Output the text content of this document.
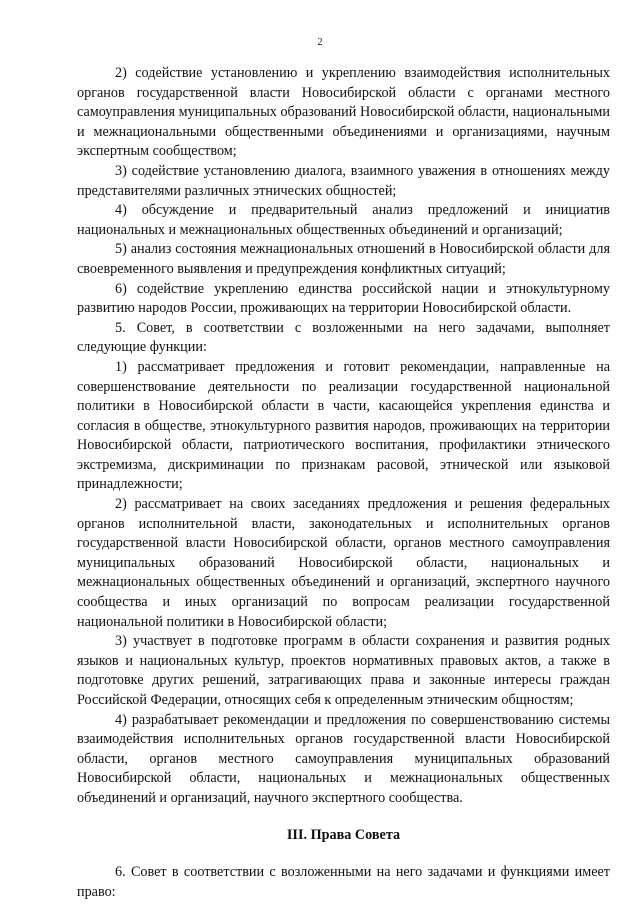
2

2) содействие установлению и укреплению взаимодействия исполнительных органов государственной власти Новосибирской области с органами местного самоуправления муниципальных образований Новосибирской области, национальными и межнациональными общественными объединениями и организациями, научным экспертным сообществом;

3) содействие установлению диалога, взаимного уважения в отношениях между представителями различных этнических общностей;

4) обсуждение и предварительный анализ предложений и инициатив национальных и межнациональных общественных объединений и организаций;

5) анализ состояния межнациональных отношений в Новосибирской области для своевременного выявления и предупреждения конфликтных ситуаций;

6) содействие укреплению единства российской нации и этнокультурному развитию народов России, проживающих на территории Новосибирской области.

5. Совет, в соответствии с возложенными на него задачами, выполняет следующие функции:

1) рассматривает предложения и готовит рекомендации, направленные на совершенствование деятельности по реализации государственной национальной политики в Новосибирской области в части, касающейся укрепления единства и согласия в обществе, этнокультурного развития народов, проживающих на территории Новосибирской области, патриотического воспитания, профилактики этнического экстремизма, дискриминации по признакам расовой, этнической или языковой принадлежности;

2) рассматривает на своих заседаниях предложения и решения федеральных органов исполнительной власти, законодательных и исполнительных органов государственной власти Новосибирской области, органов местного самоуправления муниципальных образований Новосибирской области, национальных и межнациональных общественных объединений и организаций, экспертного научного сообщества и иных организаций по вопросам реализации государственной национальной политики в Новосибирской области;

3) участвует в подготовке программ в области сохранения и развития родных языков и национальных культур, проектов нормативных правовых актов, а также в подготовке других решений, затрагивающих права и законные интересы граждан Российской Федерации, относящих себя к определенным этническим общностям;

4) разрабатывает рекомендации и предложения по совершенствованию системы взаимодействия исполнительных органов государственной власти Новосибирской области, органов местного самоуправления муниципальных образований Новосибирской области, национальных и межнациональных общественных объединений и организаций, научного экспертного сообщества.

III. Права Совета

6. Совет в соответствии с возложенными на него задачами и функциями имеет право:
